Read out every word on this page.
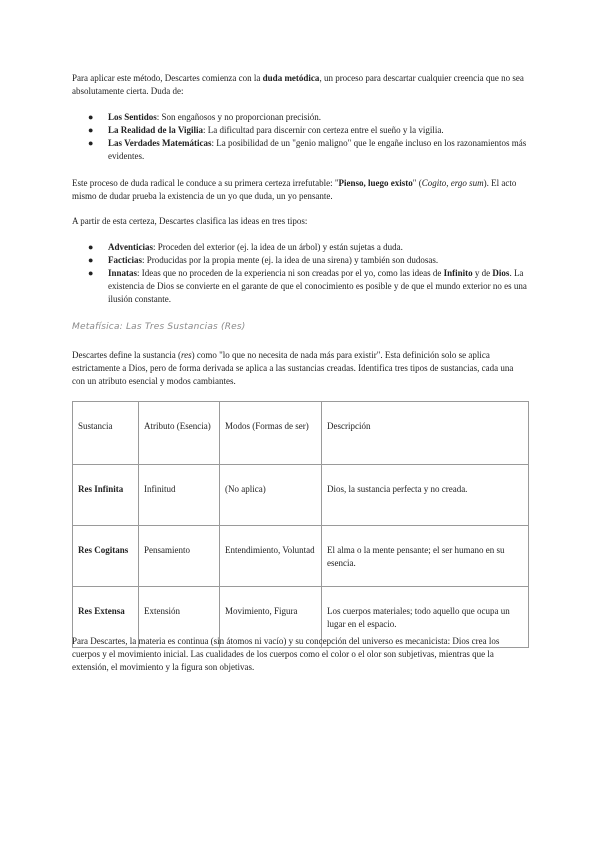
Para aplicar este método, Descartes comienza con la duda metódica, un proceso para descartar cualquier creencia que no sea absolutamente cierta. Duda de:

● Los Sentidos: Son engañosos y no proporcionan precisión.
● La Realidad de la Vigilia: La dificultad para discernir con certeza entre el sueño y la vigilia.
● Las Verdades Matemáticas: La posibilidad de un "genio maligno" que le engañe incluso en los razonamientos más evidentes.

Este proceso de duda radical le conduce a su primera certeza irrefutable: "Pienso, luego existo" (Cogito, ergo sum). El acto mismo de dudar prueba la existencia de un yo que duda, un yo pensante.

A partir de esta certeza, Descartes clasifica las ideas en tres tipos:

● Adventicias: Proceden del exterior (ej. la idea de un árbol) y están sujetas a duda.
● Facticias: Producidas por la propia mente (ej. la idea de una sirena) y también son dudosas.
● Innatas: Ideas que no proceden de la experiencia ni son creadas por el yo, como las ideas de Infinito y de Dios. La existencia de Dios se convierte en el garante de que el conocimiento es posible y de que el mundo exterior no es una ilusión constante.
Metafísica: Las Tres Sustancias (Res)

Descartes define la sustancia (res) como "lo que no necesita de nada más para existir". Esta definición solo se aplica estrictamente a Dios, pero de forma derivada se aplica a las sustancias creadas. Identifica tres tipos de sustancias, cada una con un atributo esencial y modos cambiantes.

Sustancia	Atributo (Esencia)	Modos (Formas de ser)	Descripción
Res Infinita	Infinitud	(No aplica)	Dios, la sustancia perfecta y no creada.
Res Cogitans	Pensamiento	Entendimiento, Voluntad	El alma o la mente pensante; el ser humano en su esencia.
Res Extensa	Extensión	Movimiento, Figura	Los cuerpos materiales; todo aquello que ocupa un lugar en el espacio.

Para Descartes, la materia es continua (sin átomos ni vacío) y su concepción del universo es mecanicista: Dios crea los cuerpos y el movimiento inicial. Las cualidades de los cuerpos como el color o el olor son subjetivas, mientras que la extensión, el movimiento y la figura son objetivas.
